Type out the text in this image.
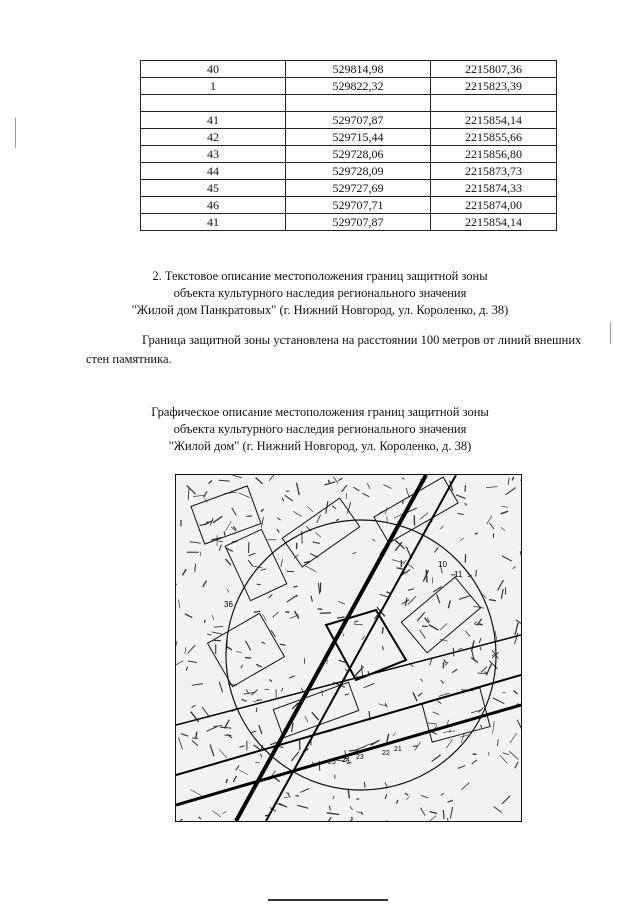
40	529814,98	2215807,36
1	529822,32	2215823,39

41	529707,87	2215854,14
42	529715,44	2215855,66
43	529728,06	2215856,80
44	529728,09	2215873,73
45	529727,69	2215874,33
46	529707,71	2215874,00
41	529707,87	2215854,14
2. Текстовое описание местоположения границ защитной зоны
объекта культурного наследия регионального значения
"Жилой дом Панкратовых" (г. Нижний Новгород, ул. Короленко, д. 38)
Граница защитной зоны установлена на расстоянии 100 метров от линий внешних
стен памятника.
Графическое описание местоположения границ защитной зоны
объекта культурного наследия регионального значения
"Жилой дом" (г. Нижний Новгород, ул. Короленко, д. 38)
36
10
11
21
22
23
24
25
